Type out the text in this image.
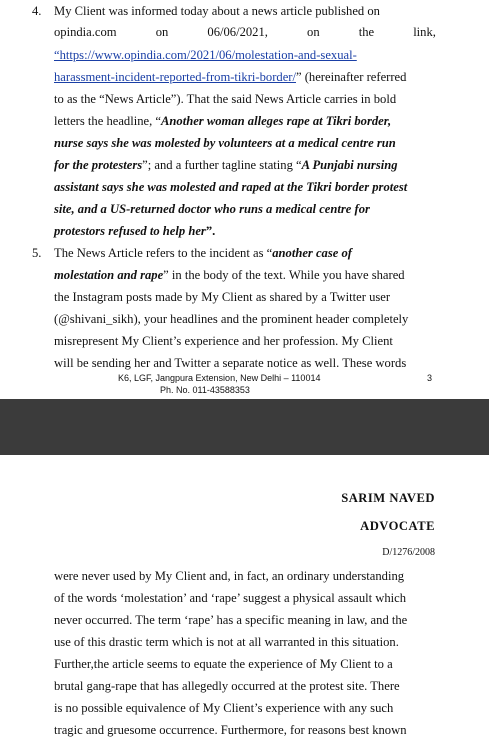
4. My Client was informed today about a news article published on
opindia.com	on	06/06/2021,	on	the	link,
“https://www.opindia.com/2021/06/molestation-and-sexual-
harassment-incident-reported-from-tikri-border/” (hereinafter referred
to as the “News Article”). That the said News Article carries in bold
letters the headline, “Another woman alleges rape at Tikri border,
nurse says she was molested by volunteers at a medical centre run
for the protesters”; and a further tagline stating “A Punjabi nursing
assistant says she was molested and raped at the Tikri border protest
site, and a US-returned doctor who runs a medical centre for
protestors refused to help her”.
5. The News Article refers to the incident as “another case of
molestation and rape” in the body of the text. While you have shared
the Instagram posts made by My Client as shared by a Twitter user
(@shivani_sikh), your headlines and the prominent header completely
misrepresent My Client’s experience and her profession. My Client
will be sending her and Twitter a separate notice as well. These words
K6, LGF, Jangpura Extension, New Delhi – 110014	3
Ph. No. 011-43588353
SARIM NAVED
ADVOCATE
D/1276/2008
were never used by My Client and, in fact, an ordinary understanding
of the words ‘molestation’ and ‘rape’ suggest a physical assault which
never occurred. The term ‘rape’ has a specific meaning in law, and the
use of this drastic term which is not at all warranted in this situation.
Further,the article seems to equate the experience of My Client to a
brutal gang-rape that has allegedly occurred at the protest site. There
is no possible equivalence of My Client’s experience with any such
tragic and gruesome occurrence. Furthermore, for reasons best known
